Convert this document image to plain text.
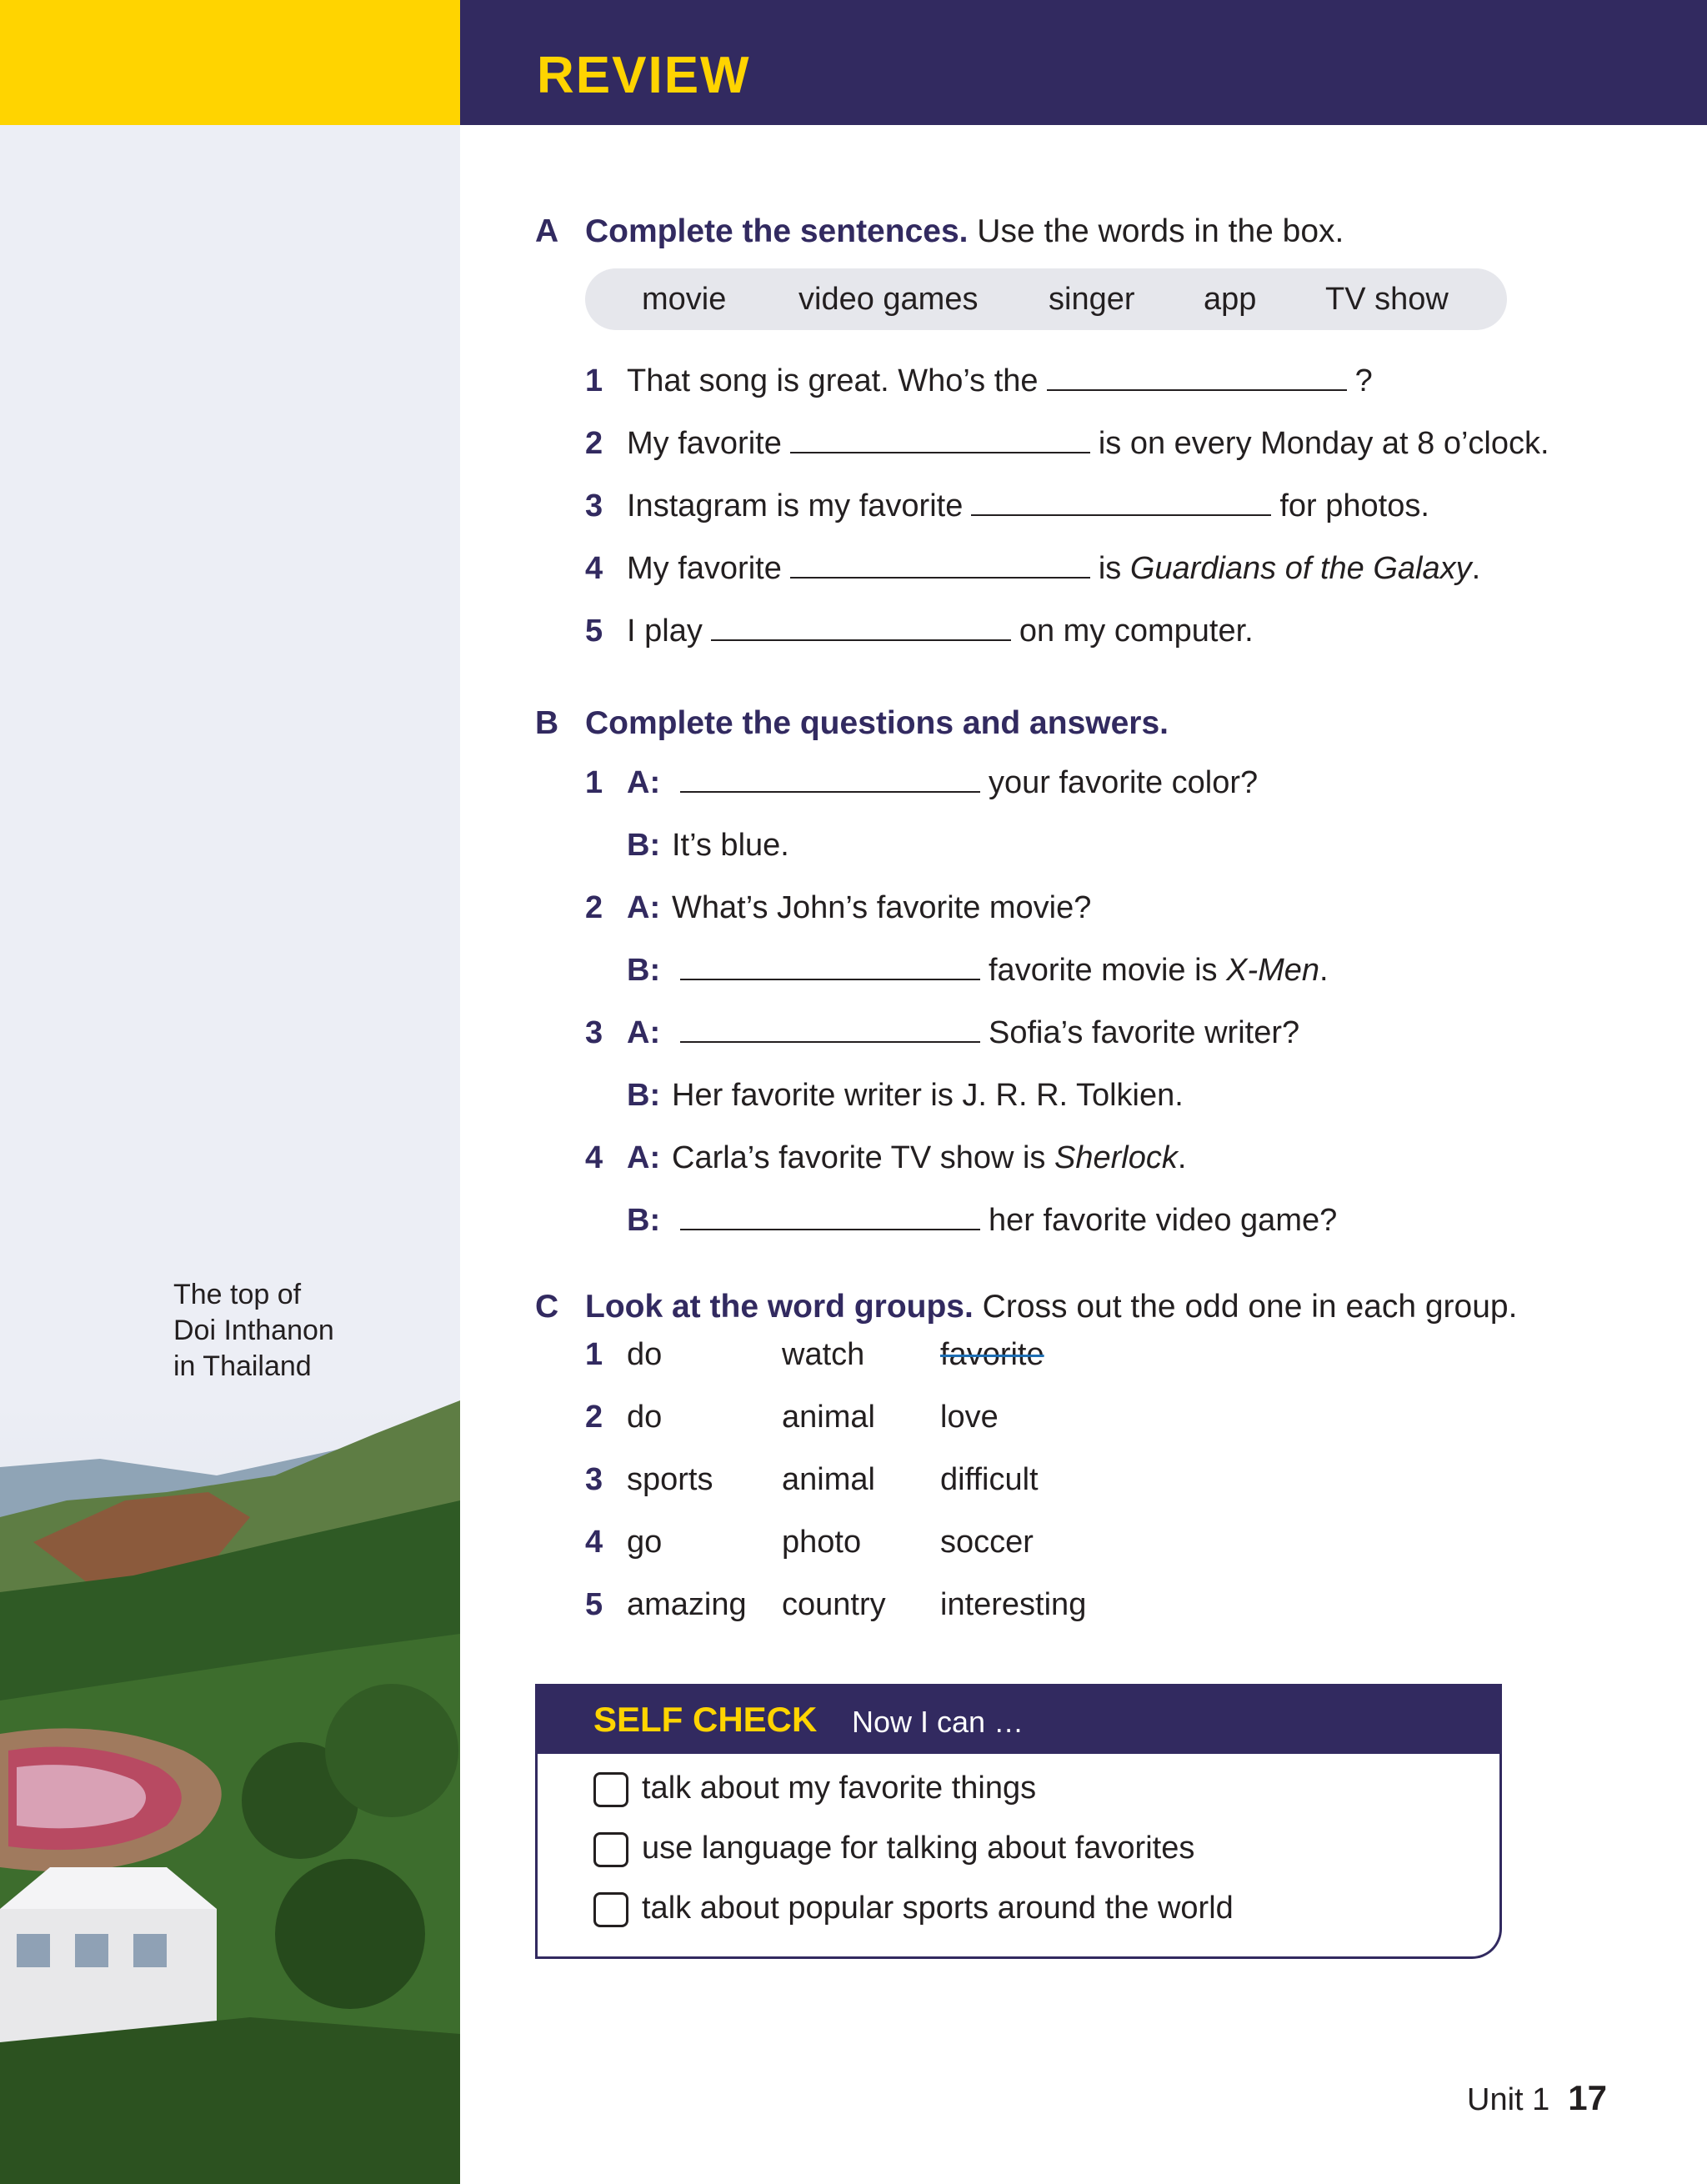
REVIEW
The top of
Doi Inthanon
in Thailand
A Complete the sentences. Use the words in the box.
movie video games singer app TV show
1 That song is great. Who’s the	?
2 My favorite	is on every Monday at 8 o’clock.
3 Instagram is my favorite	for photos.
4 My favorite	is Guardians of the Galaxy .
5 I play	on my computer.
B Complete the questions and answers.
1 A:	your favorite color?
B: It’s blue.
2 A: What’s John’s favorite movie?
B:	favorite movie is X-Men .
3 A:	Sofia’s favorite writer?
B: Her favorite writer is J. R. R. Tolkien.
4 A: Carla’s favorite TV show is Sherlock .
B:	her favorite video game?
C Look at the word groups. Cross out the odd one in each group.
1 do	watch favorite
2 do	animal love
3 sports animal difficult
4 go	photo soccer
5 amazing country interesting
SELF CHECK Now I can …
talk about my favorite things
use language for talking about favorites
talk about popular sports around the world
Unit 1 17
